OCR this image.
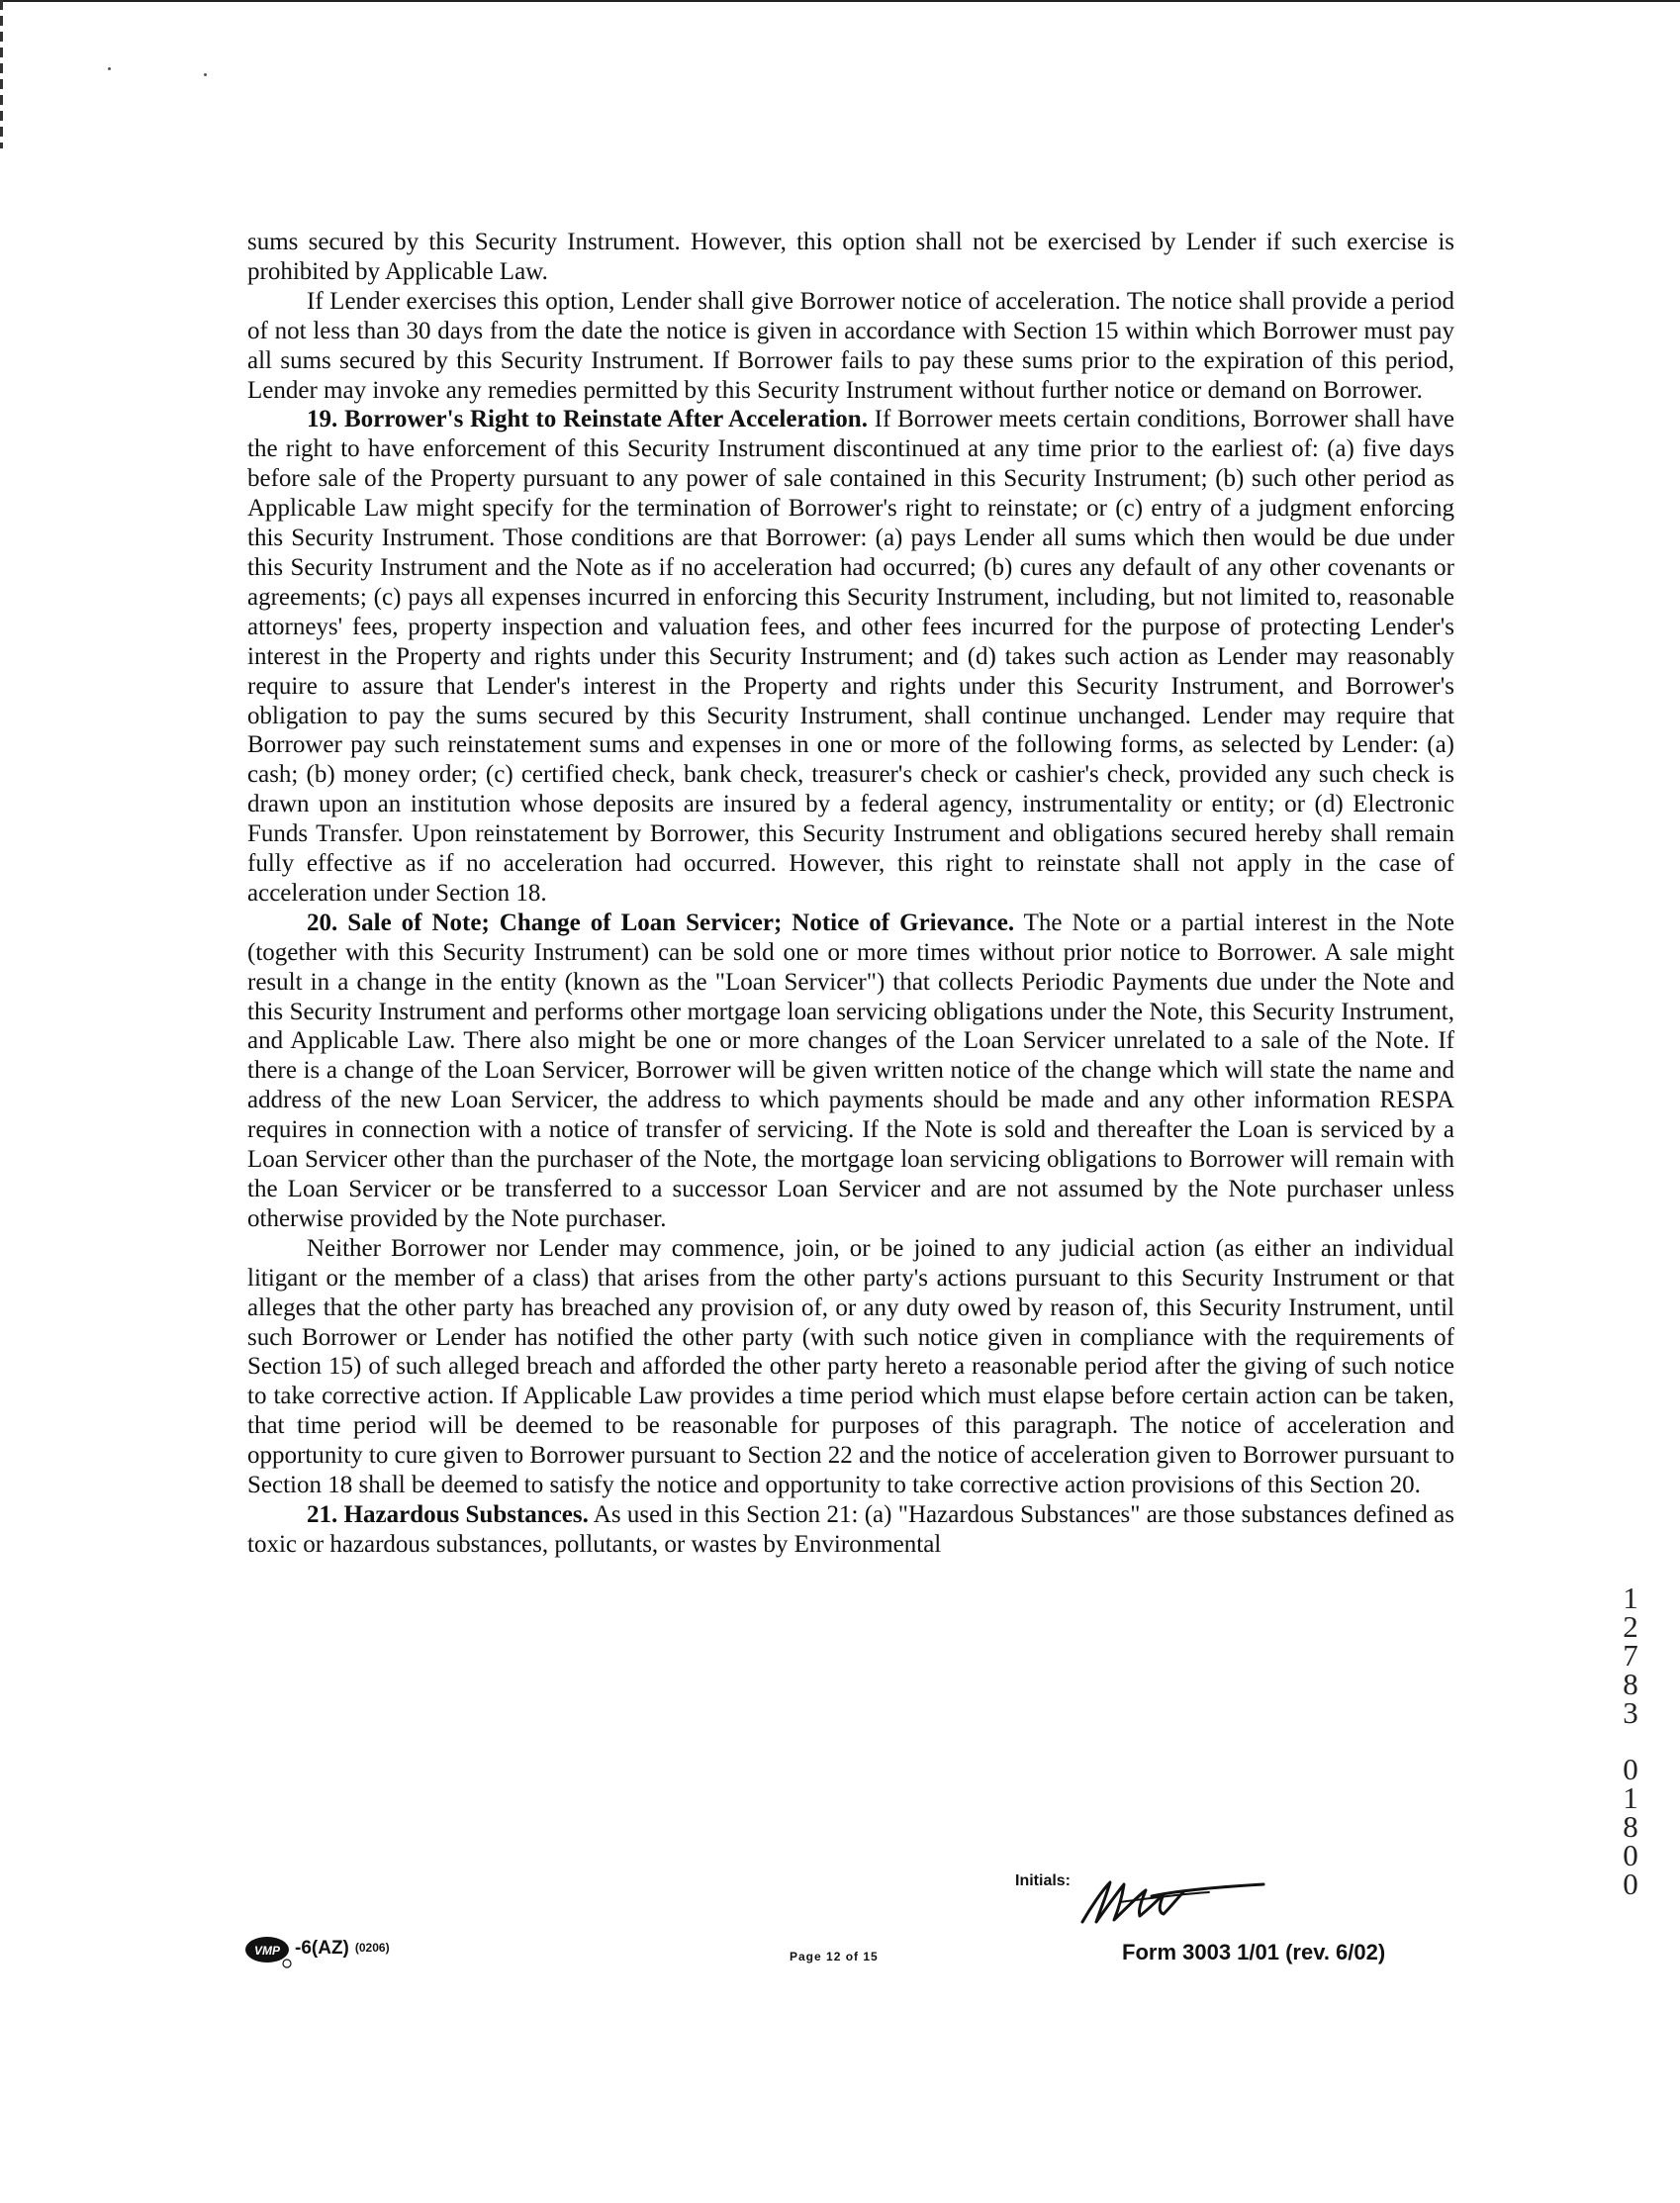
sums secured by this Security Instrument. However, this option shall not be exercised by Lender if such exercise is prohibited by Applicable Law.

If Lender exercises this option, Lender shall give Borrower notice of acceleration. The notice shall provide a period of not less than 30 days from the date the notice is given in accordance with Section 15 within which Borrower must pay all sums secured by this Security Instrument. If Borrower fails to pay these sums prior to the expiration of this period, Lender may invoke any remedies permitted by this Security Instrument without further notice or demand on Borrower.

19. Borrower's Right to Reinstate After Acceleration. If Borrower meets certain conditions, Borrower shall have the right to have enforcement of this Security Instrument discontinued at any time prior to the earliest of: (a) five days before sale of the Property pursuant to any power of sale contained in this Security Instrument; (b) such other period as Applicable Law might specify for the termination of Borrower's right to reinstate; or (c) entry of a judgment enforcing this Security Instrument. Those conditions are that Borrower: (a) pays Lender all sums which then would be due under this Security Instrument and the Note as if no acceleration had occurred; (b) cures any default of any other covenants or agreements; (c) pays all expenses incurred in enforcing this Security Instrument, including, but not limited to, reasonable attorneys' fees, property inspection and valuation fees, and other fees incurred for the purpose of protecting Lender's interest in the Property and rights under this Security Instrument; and (d) takes such action as Lender may reasonably require to assure that Lender's interest in the Property and rights under this Security Instrument, and Borrower's obligation to pay the sums secured by this Security Instrument, shall continue unchanged. Lender may require that Borrower pay such reinstatement sums and expenses in one or more of the following forms, as selected by Lender: (a) cash; (b) money order; (c) certified check, bank check, treasurer's check or cashier's check, provided any such check is drawn upon an institution whose deposits are insured by a federal agency, instrumentality or entity; or (d) Electronic Funds Transfer. Upon reinstatement by Borrower, this Security Instrument and obligations secured hereby shall remain fully effective as if no acceleration had occurred. However, this right to reinstate shall not apply in the case of acceleration under Section 18.

20. Sale of Note; Change of Loan Servicer; Notice of Grievance. The Note or a partial interest in the Note (together with this Security Instrument) can be sold one or more times without prior notice to Borrower. A sale might result in a change in the entity (known as the "Loan Servicer") that collects Periodic Payments due under the Note and this Security Instrument and performs other mortgage loan servicing obligations under the Note, this Security Instrument, and Applicable Law. There also might be one or more changes of the Loan Servicer unrelated to a sale of the Note. If there is a change of the Loan Servicer, Borrower will be given written notice of the change which will state the name and address of the new Loan Servicer, the address to which payments should be made and any other information RESPA requires in connection with a notice of transfer of servicing. If the Note is sold and thereafter the Loan is serviced by a Loan Servicer other than the purchaser of the Note, the mortgage loan servicing obligations to Borrower will remain with the Loan Servicer or be transferred to a successor Loan Servicer and are not assumed by the Note purchaser unless otherwise provided by the Note purchaser.

Neither Borrower nor Lender may commence, join, or be joined to any judicial action (as either an individual litigant or the member of a class) that arises from the other party's actions pursuant to this Security Instrument or that alleges that the other party has breached any provision of, or any duty owed by reason of, this Security Instrument, until such Borrower or Lender has notified the other party (with such notice given in compliance with the requirements of Section 15) of such alleged breach and afforded the other party hereto a reasonable period after the giving of such notice to take corrective action. If Applicable Law provides a time period which must elapse before certain action can be taken, that time period will be deemed to be reasonable for purposes of this paragraph. The notice of acceleration and opportunity to cure given to Borrower pursuant to Section 22 and the notice of acceleration given to Borrower pursuant to Section 18 shall be deemed to satisfy the notice and opportunity to take corrective action provisions of this Section 20.

21. Hazardous Substances. As used in this Section 21: (a) "Hazardous Substances" are those substances defined as toxic or hazardous substances, pollutants, or wastes by Environmental

1
2
7
8
3
0
1
8
0
0
Initials:
VMP -6(AZ) (0206)
Page 12 of 15	Form 3003 1/01 (rev. 6/02)
